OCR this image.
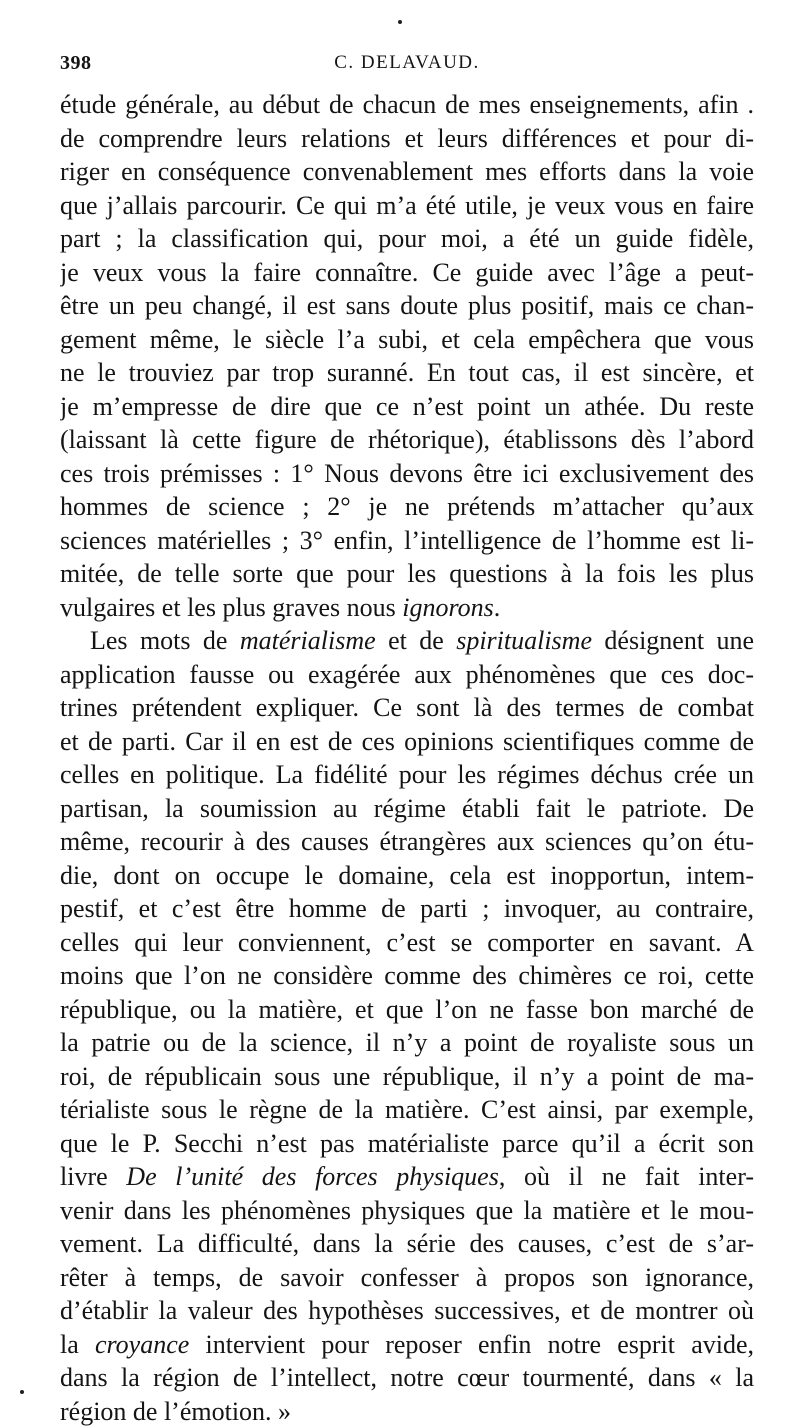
398	C. DELAVAUD.
étude générale, au début de chacun de mes enseignements, afin .
de comprendre leurs relations et leurs différences et pour di-
riger en conséquence convenablement mes efforts dans la voie
que j’allais parcourir. Ce qui m’a été utile, je veux vous en faire
part ; la classification qui, pour moi, a été un guide fidèle,
je veux vous la faire connaître. Ce guide avec l’âge a peut-
être un peu changé, il est sans doute plus positif, mais ce chan-
gement même, le siècle l’a subi, et cela empêchera que vous
ne le trouviez par trop suranné. En tout cas, il est sincère, et
je m’empresse de dire que ce n’est point un athée. Du reste
(laissant là cette figure de rhétorique), établissons dès l’abord
ces trois prémisses : 1° Nous devons être ici exclusivement des
hommes de science ; 2° je ne prétends m’attacher qu’aux
sciences matérielles ; 3° enfin, l’intelligence de l’homme est li-
mitée, de telle sorte que pour les questions à la fois les plus
vulgaires et les plus graves nous ignorons.
Les mots de matérialisme et de spiritualisme désignent une
application fausse ou exagérée aux phénomènes que ces doc-
trines prétendent expliquer. Ce sont là des termes de combat
et de parti. Car il en est de ces opinions scientifiques comme de
celles en politique. La fidélité pour les régimes déchus crée un
partisan, la soumission au régime établi fait le patriote. De
même, recourir à des causes étrangères aux sciences qu’on étu-
die, dont on occupe le domaine, cela est inopportun, intem-
pestif, et c’est être homme de parti ; invoquer, au contraire,
celles qui leur conviennent, c’est se comporter en savant. A
moins que l’on ne considère comme des chimères ce roi, cette
république, ou la matière, et que l’on ne fasse bon marché de
la patrie ou de la science, il n’y a point de royaliste sous un
roi, de républicain sous une république, il n’y a point de ma-
térialiste sous le règne de la matière. C’est ainsi, par exemple,
que le P. Secchi n’est pas matérialiste parce qu’il a écrit son
livre De l’unité des forces physiques, où il ne fait inter-
venir dans les phénomènes physiques que la matière et le mou-
vement. La difficulté, dans la série des causes, c’est de s’ar-
rêter à temps, de savoir confesser à propos son ignorance,
d’établir la valeur des hypothèses successives, et de montrer où
la croyance intervient pour reposer enfin notre esprit avide,
dans la région de l’intellect, notre cœur tourmenté, dans « la
région de l’émotion. »
